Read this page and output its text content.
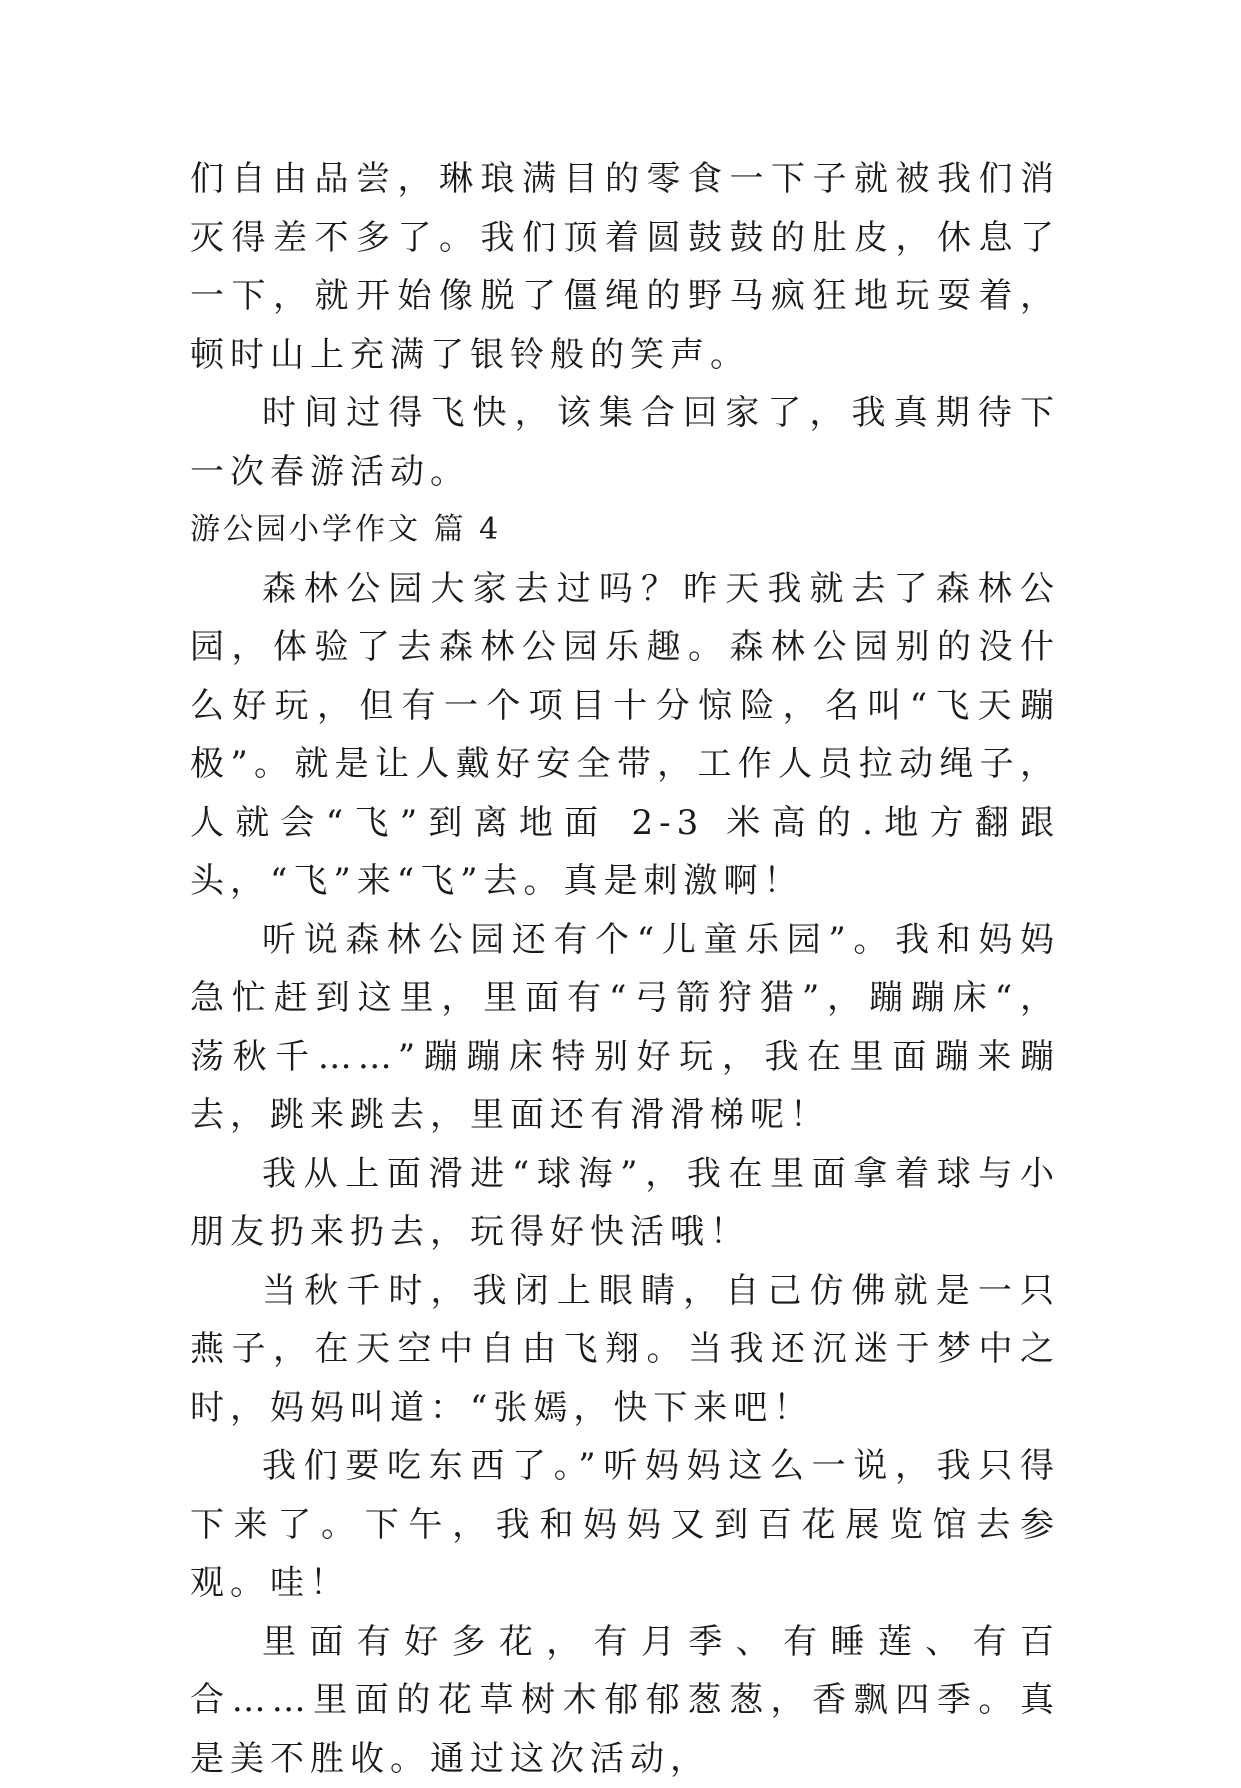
们自由品尝，琳琅满目的零食一下子就被我们消灭得差不多了。我们顶着圆鼓鼓的肚皮，休息了一下，就开始像脱了僵绳的野马疯狂地玩耍着，顿时山上充满了银铃般的笑声。

时间过得飞快，该集合回家了，我真期待下一次春游活动。

游公园小学作文 篇 4

森林公园大家去过吗？昨天我就去了森林公园，体验了去森林公园乐趣。森林公园别的没什么好玩，但有一个项目十分惊险，名叫“飞天蹦极”。就是让人戴好安全带，工作人员拉动绳子，人就会“飞”到离地面 2-3 米高的.地方翻跟头，“飞”来“飞”去。真是刺激啊！

听说森林公园还有个“儿童乐园”。我和妈妈急忙赶到这里，里面有“弓箭狩猎”，蹦蹦床“，荡秋千……”蹦蹦床特别好玩，我在里面蹦来蹦去，跳来跳去，里面还有滑滑梯呢！

我从上面滑进“球海”，我在里面拿着球与小朋友扔来扔去，玩得好快活哦！

当秋千时，我闭上眼睛，自己仿佛就是一只燕子，在天空中自由飞翔。当我还沉迷于梦中之时，妈妈叫道：“张嫣，快下来吧！

我们要吃东西了。”听妈妈这么一说，我只得下来了。下午，我和妈妈又到百花展览馆去参观。哇！

里面有好多花，有月季、有睡莲、有百合……里面的花草树木郁郁葱葱，香飘四季。真是美不胜收。通过这次活动，
